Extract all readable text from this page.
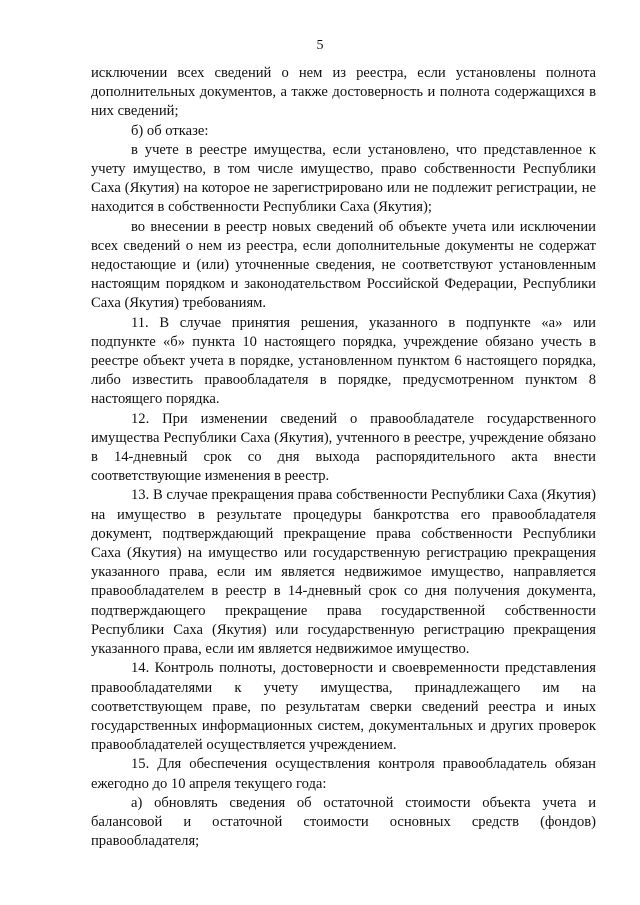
5

исключении всех сведений о нем из реестра, если установлены полнота дополнительных документов, а также достоверность и полнота содержащихся в них сведений;

б) об отказе:

в учете в реестре имущества, если установлено, что представленное к учету имущество, в том числе имущество, право собственности Республики Саха (Якутия) на которое не зарегистрировано или не подлежит регистрации, не находится в собственности Республики Саха (Якутия);

во внесении в реестр новых сведений об объекте учета или исключении всех сведений о нем из реестра, если дополнительные документы не содержат недостающие и (или) уточненные сведения, не соответствуют установленным настоящим порядком и законодательством Российской Федерации, Республики Саха (Якутия) требованиям.

11. В случае принятия решения, указанного в подпункте «а» или подпункте «б» пункта 10 настоящего порядка, учреждение обязано учесть в реестре объект учета в порядке, установленном пунктом 6 настоящего порядка, либо известить правообладателя в порядке, предусмотренном пунктом 8 настоящего порядка.

12. При изменении сведений о правообладателе государственного имущества Республики Саха (Якутия), учтенного в реестре, учреждение обязано в 14-дневный срок со дня выхода распорядительного акта внести соответствующие изменения в реестр.

13. В случае прекращения права собственности Республики Саха (Якутия) на имущество в результате процедуры банкротства его правообладателя документ, подтверждающий прекращение права собственности Республики Саха (Якутия) на имущество или государственную регистрацию прекращения указанного права, если им является недвижимое имущество, направляется правообладателем в реестр в 14-дневный срок со дня получения документа, подтверждающего прекращение права государственной собственности Республики Саха (Якутия) или государственную регистрацию прекращения указанного права, если им является недвижимое имущество.

14. Контроль полноты, достоверности и своевременности представления правообладателями к учету имущества, принадлежащего им на соответствующем праве, по результатам сверки сведений реестра и иных государственных информационных систем, документальных и других проверок правообладателей осуществляется учреждением.

15. Для обеспечения осуществления контроля правообладатель обязан ежегодно до 10 апреля текущего года:

а) обновлять сведения об остаточной стоимости объекта учета и балансовой и остаточной стоимости основных средств (фондов) правообладателя;
